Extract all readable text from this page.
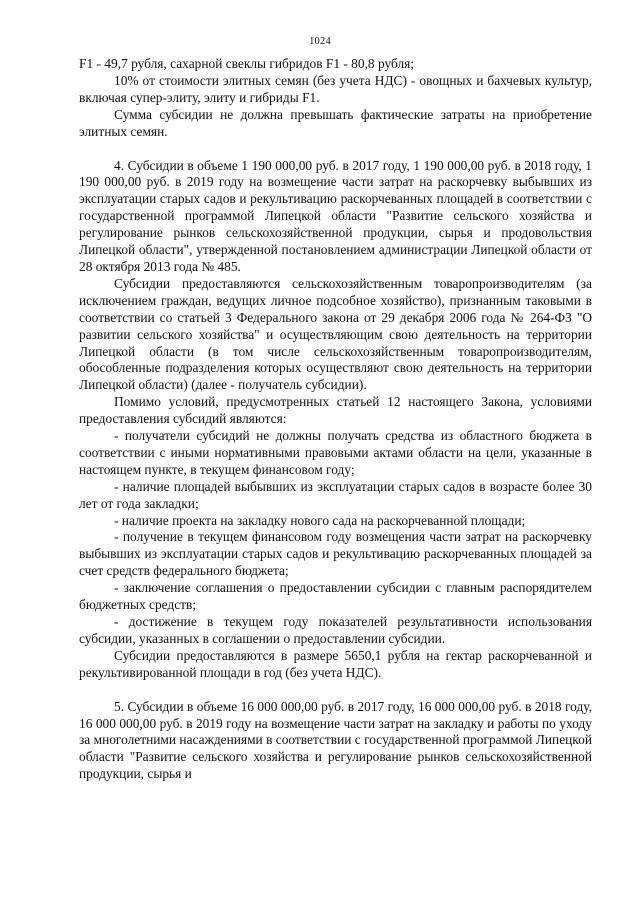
1024

F1 - 49,7 рубля, сахарной свеклы гибридов F1 - 80,8 рубля;

10% от стоимости элитных семян (без учета НДС) - овощных и бахчевых культур, включая супер-элиту, элиту и гибриды F1.

Сумма субсидии не должна превышать фактические затраты на приобретение элитных семян.

4. Субсидии в объеме 1 190 000,00 руб. в 2017 году, 1 190 000,00 руб. в 2018 году, 1 190 000,00 руб. в 2019 году на возмещение части затрат на раскорчевку выбывших из эксплуатации старых садов и рекультивацию раскорчеванных площадей в соответствии с государственной программой Липецкой области "Развитие сельского хозяйства и регулирование рынков сельскохозяйственной продукции, сырья и продовольствия Липецкой области", утвержденной постановлением администрации Липецкой области от 28 октября 2013 года № 485.

Субсидии предоставляются сельскохозяйственным товаропроизводителям (за исключением граждан, ведущих личное подсобное хозяйство), признанным таковыми в соответствии со статьей 3 Федерального закона от 29 декабря 2006 года № 264-ФЗ "О развитии сельского хозяйства" и осуществляющим свою деятельность на территории Липецкой области (в том числе сельскохозяйственным товаропроизводителям, обособленные подразделения которых осуществляют свою деятельность на территории Липецкой области) (далее - получатель субсидии).

Помимо условий, предусмотренных статьей 12 настоящего Закона, условиями предоставления субсидий являются:

- получатели субсидий не должны получать средства из областного бюджета в соответствии с иными нормативными правовыми актами области на цели, указанные в настоящем пункте, в текущем финансовом году;

- наличие площадей выбывших из эксплуатации старых садов в возрасте более 30 лет от года закладки;

- наличие проекта на закладку нового сада на раскорчеванной площади;

- получение в текущем финансовом году возмещения части затрат на раскорчевку выбывших из эксплуатации старых садов и рекультивацию раскорчеванных площадей за счет средств федерального бюджета;

- заключение соглашения о предоставлении субсидии с главным распорядителем бюджетных средств;

- достижение в текущем году показателей результативности использования субсидии, указанных в соглашении о предоставлении субсидии.

Субсидии предоставляются в размере 5650,1 рубля на гектар раскорчеванной и рекультивированной площади в год (без учета НДС).

5. Субсидии в объеме 16 000 000,00 руб. в 2017 году, 16 000 000,00 руб. в 2018 году, 16 000 000,00 руб. в 2019 году на возмещение части затрат на закладку и работы по уходу за многолетними насаждениями в соответствии с государственной программой Липецкой области "Развитие сельского хозяйства и регулирование рынков сельскохозяйственной продукции, сырья и
